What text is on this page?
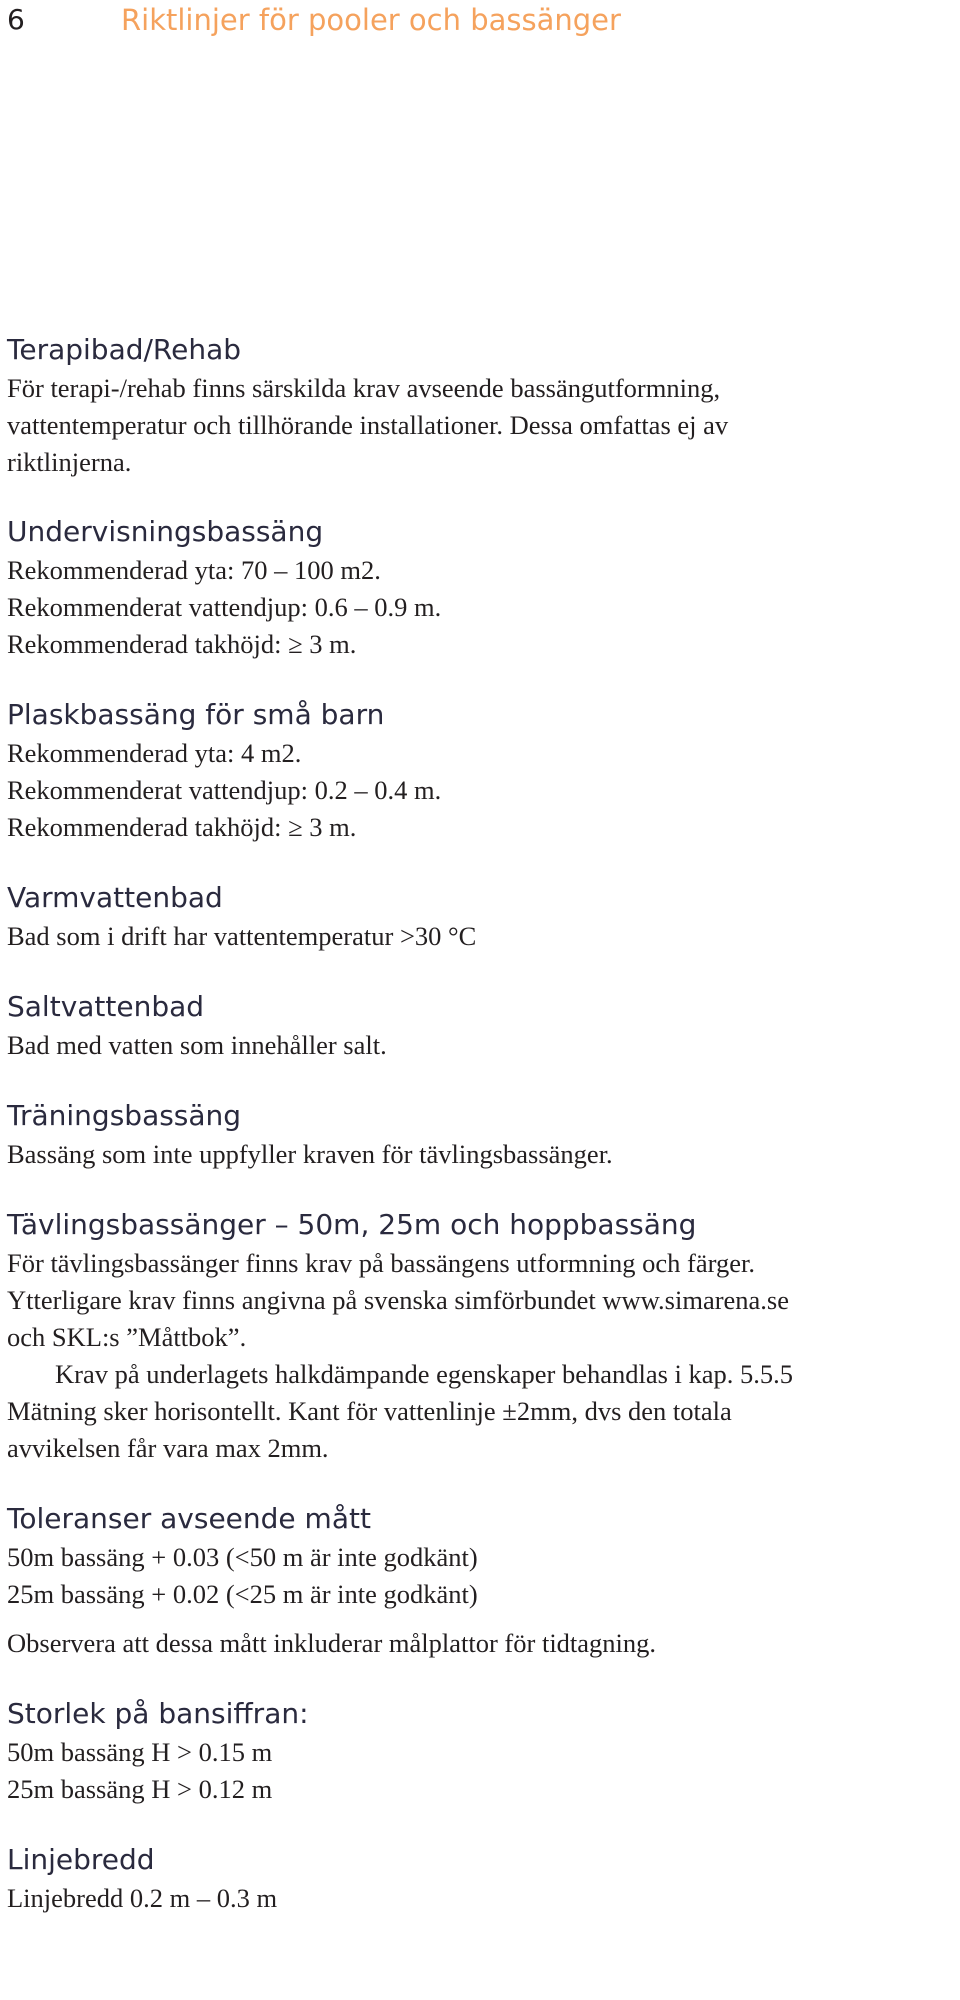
6	Riktlinjer för pooler och bassänger
Terapibad/Rehab
För terapi-/rehab finns särskilda krav avseende bassängutformning,
vattentemperatur och tillhörande installationer. Dessa omfattas ej av
riktlinjerna.
Undervisningsbassäng
Rekommenderad yta: 70 – 100 m2.
Rekommenderat vattendjup: 0.6 – 0.9 m.
Rekommenderad takhöjd: ≥ 3 m.
Plaskbassäng för små barn
Rekommenderad yta: 4 m2.
Rekommenderat vattendjup: 0.2 – 0.4 m.
Rekommenderad takhöjd: ≥ 3 m.
Varmvattenbad
Bad som i drift har vattentemperatur >30 °C
Saltvattenbad
Bad med vatten som innehåller salt.
Träningsbassäng
Bassäng som inte uppfyller kraven för tävlingsbassänger.
Tävlingsbassänger – 50m, 25m och hoppbassäng
För tävlingsbassänger finns krav på bassängens utformning och färger.
Ytterligare krav finns angivna på svenska simförbundet www.simarena.se
och SKL:s ”Måttbok”.
Krav på underlagets halkdämpande egenskaper behandlas i kap. 5.5.5
Mätning sker horisontellt. Kant för vattenlinje ±2mm, dvs den totala
avvikelsen får vara max 2mm.
Toleranser avseende mått
50m bassäng + 0.03 (<50 m är inte godkänt)
25m bassäng + 0.02 (<25 m är inte godkänt)
Observera att dessa mått inkluderar målplattor för tidtagning.
Storlek på bansiffran:
50m bassäng H > 0.15 m
25m bassäng H > 0.12 m
Linjebredd
Linjebredd 0.2 m – 0.3 m
